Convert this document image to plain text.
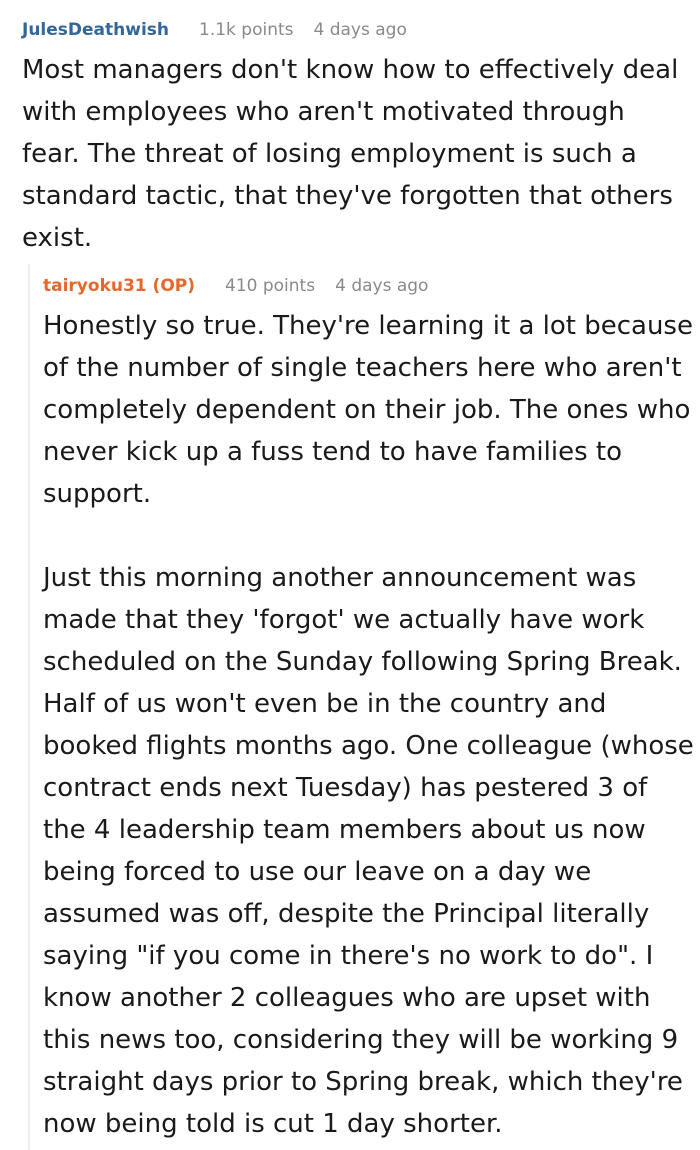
JulesDeathwish 1.1k points 4 days ago

Most managers don't know how to effectively deal with employees who aren't motivated through fear. The threat of losing employment is such a standard tactic, that they've forgotten that others exist.

tairyoku31 (OP) 410 points 4 days ago

Honestly so true. They're learning it a lot because of the number of single teachers here who aren't completely dependent on their job. The ones who never kick up a fuss tend to have families to support.

Just this morning another announcement was made that they 'forgot' we actually have work scheduled on the Sunday following Spring Break. Half of us won't even be in the country and booked flights months ago. One colleague (whose contract ends next Tuesday) has pestered 3 of the 4 leadership team members about us now being forced to use our leave on a day we assumed was off, despite the Principal literally saying "if you come in there's no work to do". I know another 2 colleagues who are upset with this news too, considering they will be working 9 straight days prior to Spring break, which they're now being told is cut 1 day shorter.
